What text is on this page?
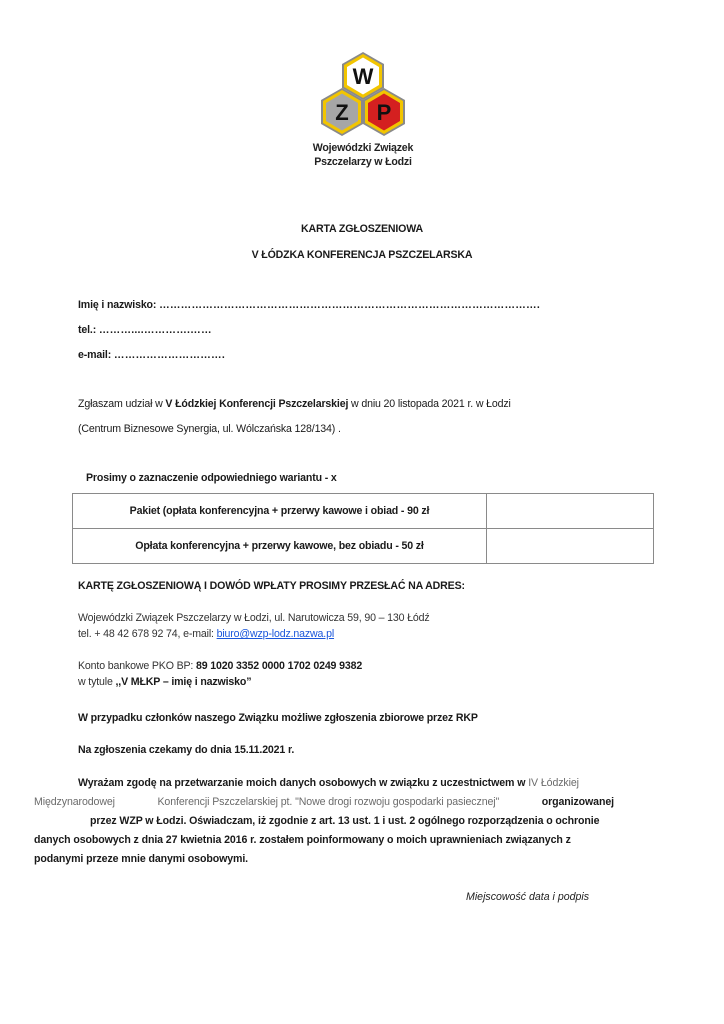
W
Z P
Wojewódzki Związek
Pszczelarzy w Łodzi
KARTA ZGŁOSZENIOWA
V ŁÓDZKA KONFERENCJA PSZCZELARSKA
Imię i nazwisko: …………………………………………………………………………………………….
tel.: ………....………….……
e-mail: ………………………….
Zgłaszam udział w V Łódzkiej Konferencji Pszczelarskiej w dniu 20 listopada 2021 r. w Łodzi
(Centrum Biznesowe Synergia, ul. Wólczańska 128/134) .
Prosimy o zaznaczenie odpowiedniego wariantu - x
Pakiet (opłata konferencyjna + przerwy kawowe i obiad - 90 zł	
Opłata konferencyjna + przerwy kawowe, bez obiadu - 50 zł	
KARTĘ ZGŁOSZENIOWĄ I DOWÓD WPŁATY PROSIMY PRZESŁAĆ NA ADRES:
Wojewódzki Związek Pszczelarzy w Łodzi, ul. Narutowicza 59, 90 – 130 Łódź
tel. + 48 42 678 92 74, e-mail: biuro@wzp-lodz.nazwa.pl
Konto bankowe PKO BP: 89 1020 3352 0000 1702 0249 9382
w tytule ,,V MŁKP – imię i nazwisko”
W przypadku członków naszego Związku możliwe zgłoszenia zbiorowe przez RKP
Na zgłoszenia czekamy do dnia 15.11.2021 r.
Wyrażam zgodę na przetwarzanie moich danych osobowych w związku z uczestnictwem w IV Łódzkiej
Międzynarodowej	Konferencji Pszczelarskiej pt. "Nowe drogi rozwoju gospodarki pasiecznej"	organizowanej
przez WZP w Łodzi. Oświadczam, iż zgodnie z art. 13 ust. 1 i ust. 2 ogólnego rozporządzenia o ochronie
danych osobowych z dnia 27 kwietnia 2016 r. zostałem poinformowany o moich uprawnieniach związanych z
podanymi przeze mnie danymi osobowymi.
Miejscowość data i podpis
